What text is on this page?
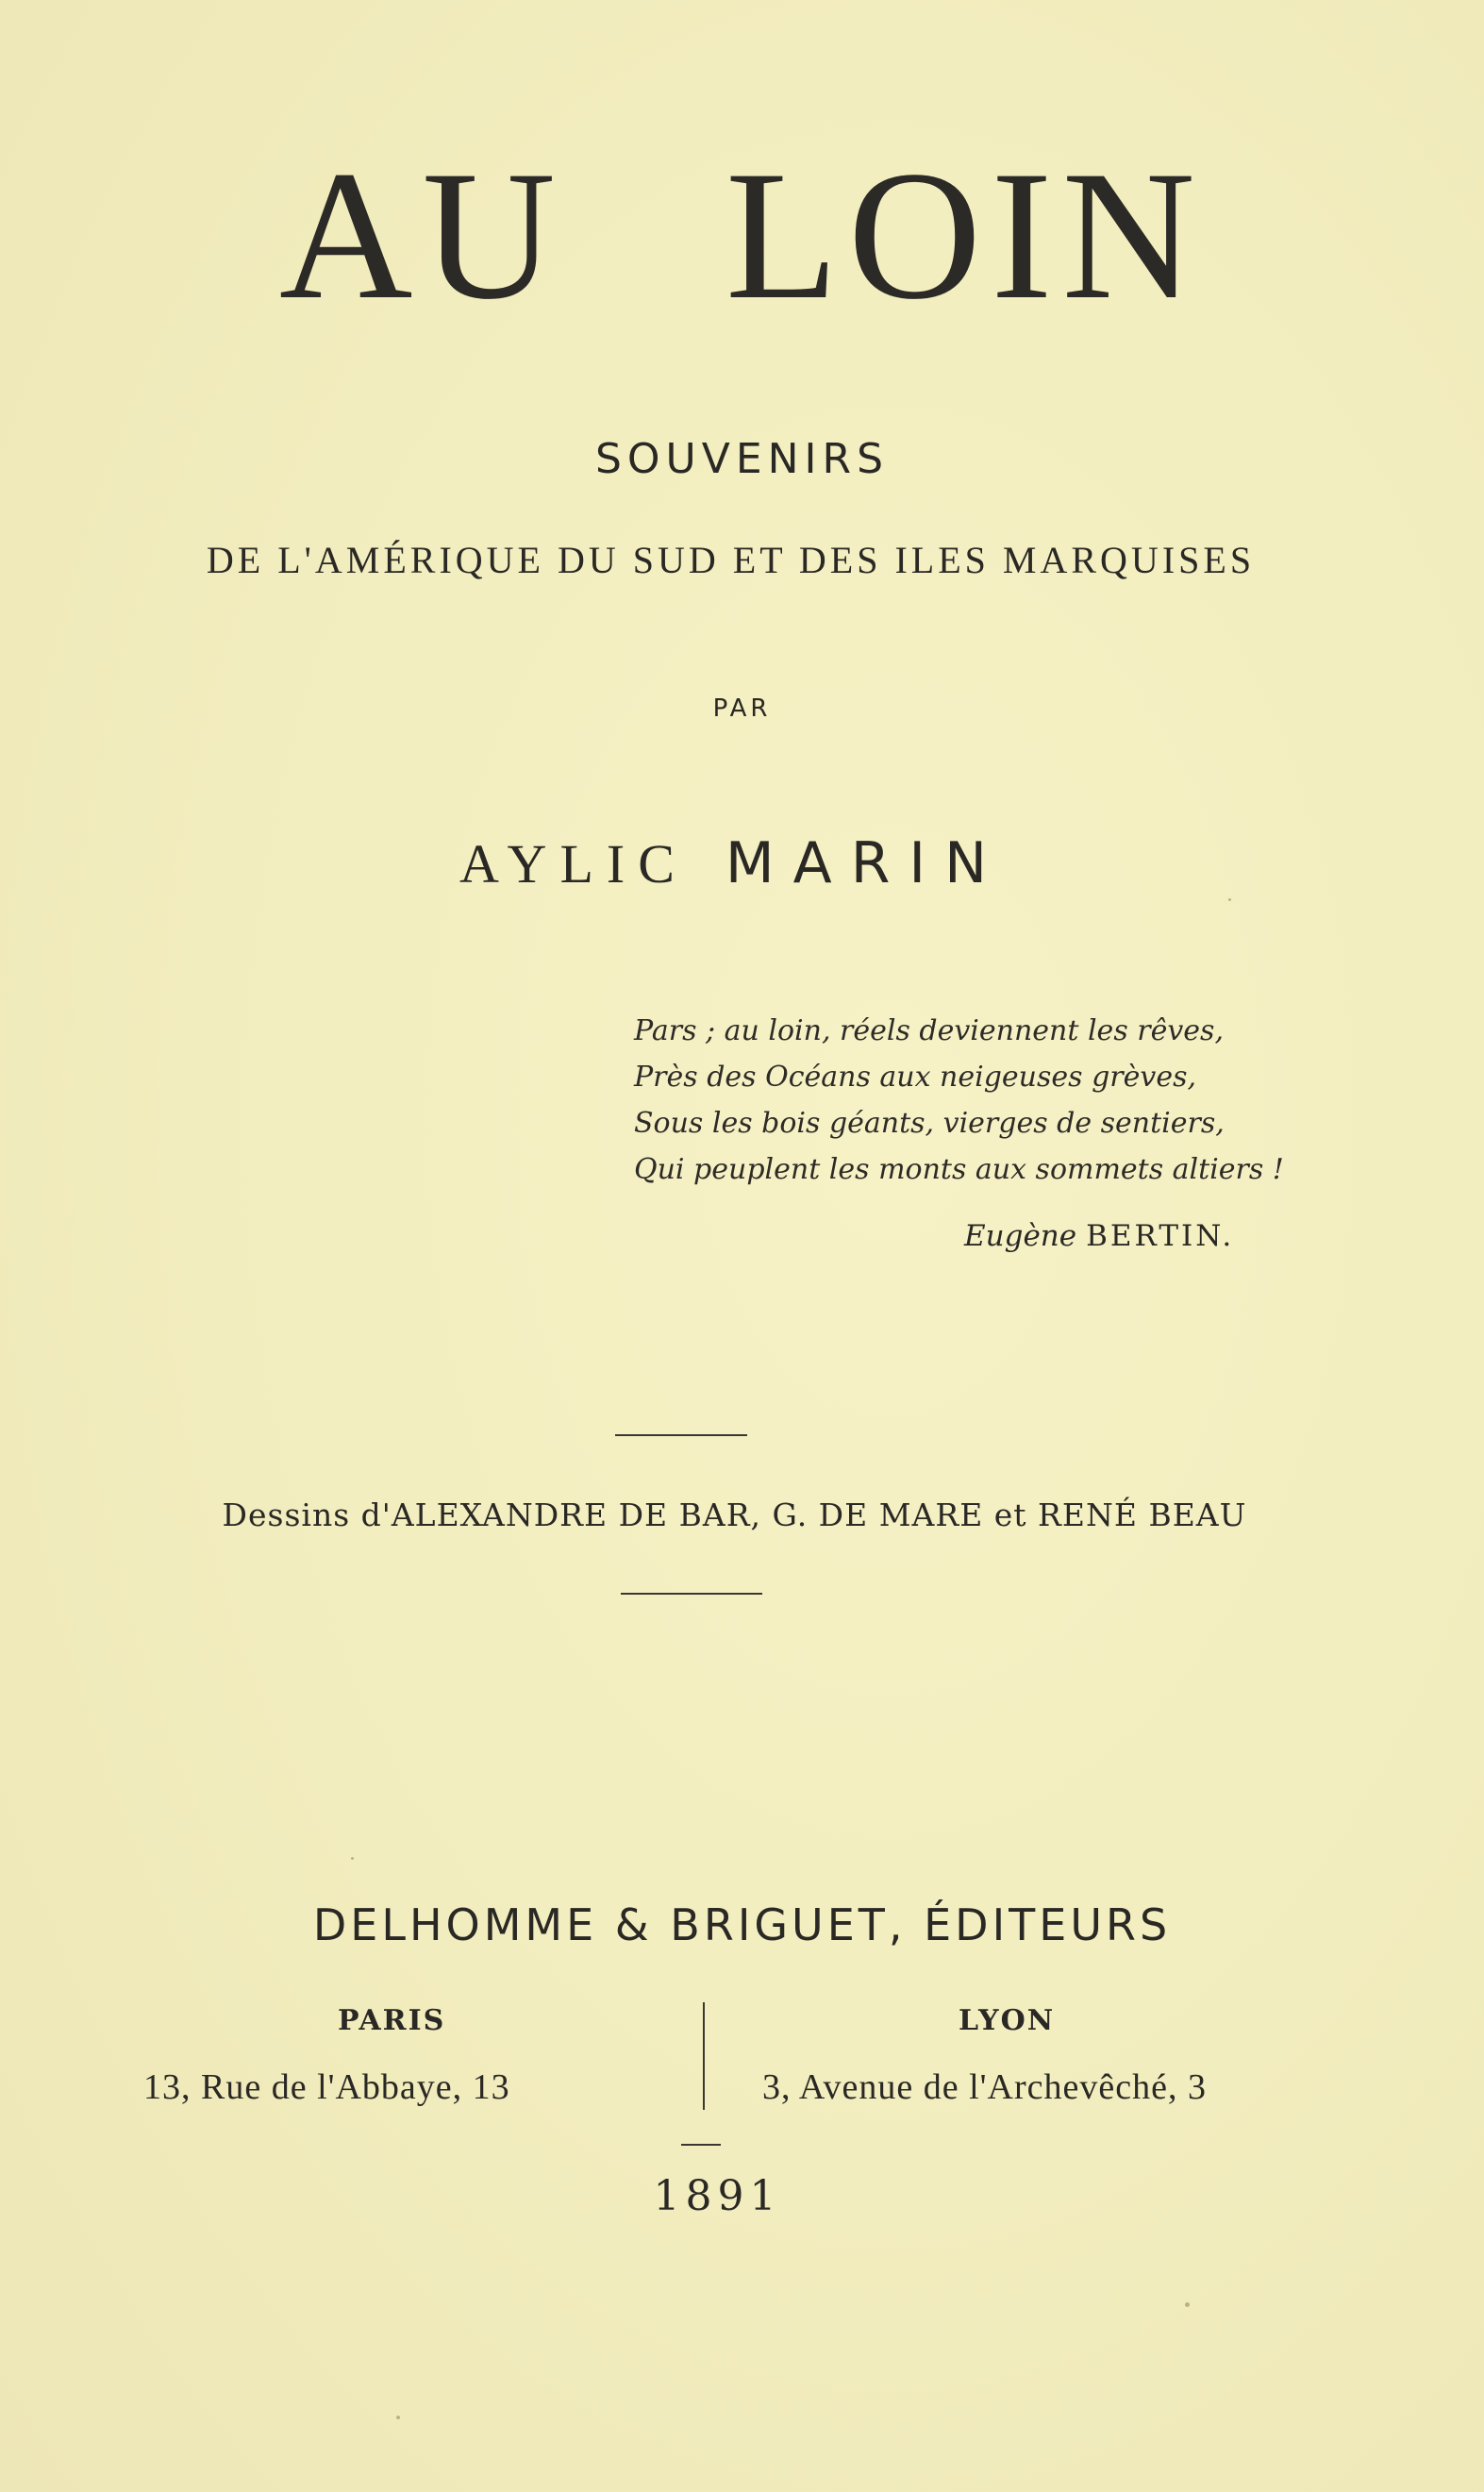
AU LOIN
SOUVENIRS
DE L'AMÉRIQUE DU SUD ET DES ILES MARQUISES
PAR
AYLIC MARIN
Pars ; au loin, réels deviennent les rêves,
Près des Océans aux neigeuses grèves,
Sous les bois géants, vierges de sentiers,
Qui peuplent les monts aux sommets altiers !
Eugène BERTIN.
Dessins d'ALEXANDRE DE BAR, G. DE MARE et RENÉ BEAU
DELHOMME & BRIGUET, ÉDITEURS
PARIS
13, Rue de l'Abbaye, 13
LYON
3, Avenue de l'Archevêché, 3
1891
